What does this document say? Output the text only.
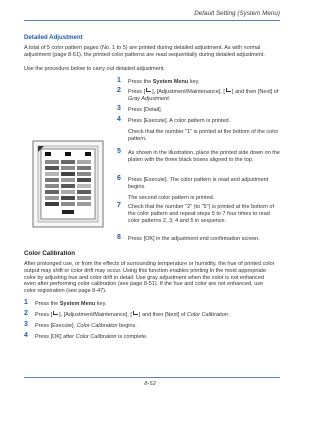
Default Setting (System Menu)
Detailed Adjustment

A total of 5 color pattern pages (No. 1 to 5) are printed during detailed adjustment. As with normal adjustment (page 8-51), the printed color patterns are read sequentially during detailed adjustment.

Use the procedure below to carry out detailed adjustment.

1 Press the System Menu key.
2 Press [ ], [Adjustment/Maintenance], [ ] and then [Next] of Gray Adjustment.
3 Press [Detail].
4 Press [Execute]. A color pattern is printed.
Check that the number "1" is printed at the bottom of the color pattern.
5 As shown in the illustration, place the printed side down on the platen with the three black boxes aligned to the top.
6 Press [Execute]. The color pattern is read and adjustment begins.
The second color pattern is printed.
7 Check that the number "2" (to "5") is printed at the bottom of the color pattern and repeat steps 5 to 7 four times to read color patterns 2, 3, 4 and 5 in sequence.
8 Press [OK] in the adjustment end confirmation screen.
Color Calibration

After prolonged use, or from the effects of surrounding temperature or humidity, the hue of printed color output may shift or color drift may occur. Using this function enables printing in the most appropriate color by adjusting hue and color drift in detail. Use gray adjustment when the color is not enhanced even after performing color calibration (see page 8-51). If the hue and color are not enhanced, use color registration (see page 8-47).

1 Press the System Menu key.
2 Press [ ], [Adjustment/Maintenance], [ ] and then [Next] of Color Calibration.
3 Press [Execute]. Color Calibration begins.
4 Press [OK] after Color Calibration is complete.
8-52
